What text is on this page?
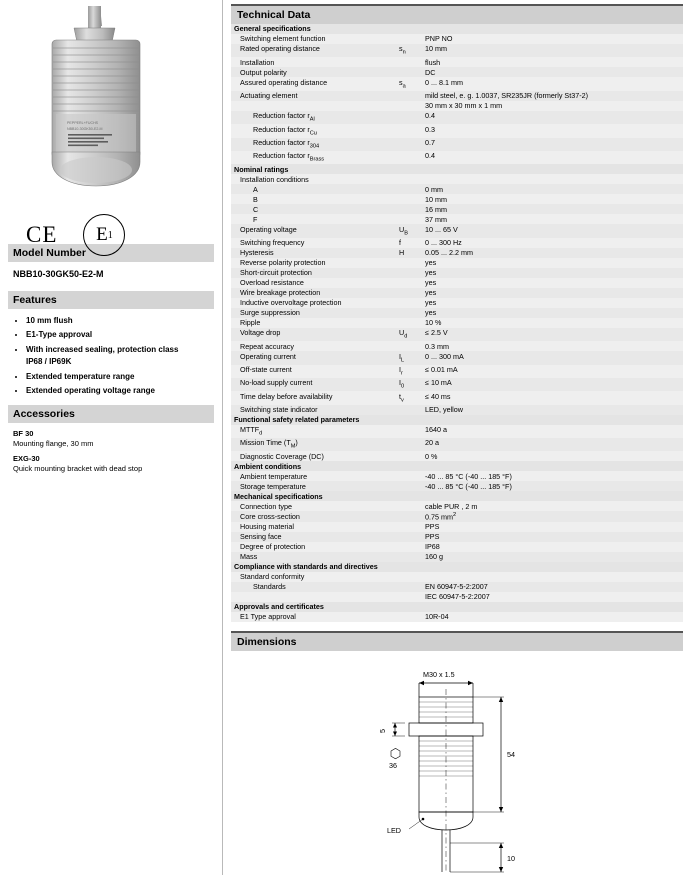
PEPPERL+FUCHS
NBB10-30GK50-E2-M
CE E 1
Model Number
NBB10-30GK50-E2-M
Features
• 10 mm flush
• E1-Type approval
• With increased sealing, protection class
IP68 / IP69K
• Extended temperature range
• Extended operating voltage range
Accessories
BF 30
Mounting flange, 30 mm
EXG-30
Quick mounting bracket with dead stop
Technical Data
General specifications		
Switching element function		PNP NO
Rated operating distance	$s_n$	10 mm
Installation		flush
Output polarity		DC
Assured operating distance	$s_a$	0 ... 8.1 mm
Actuating element		mild steel, e. g. 1.0037, SR235JR (formerly St37-2)
		30 mm x 30 mm x 1 mm
Reduction factor $r_{Al}$		0.4
Reduction factor $r_{Cu}$		0.3
Reduction factor $r_{304}$		0.7
Reduction factor $r_{Brass}$		0.4
Nominal ratings		
Installation conditions		
A		0 mm
B		10 mm
C		16 mm
F		37 mm
Operating voltage	$U_B$	10 ... 65 V
Switching frequency	f	0 ... 300 Hz
Hysteresis	H	0.05 ... 2.2 mm
Reverse polarity protection		yes
Short-circuit protection		yes
Overload resistance		yes
Wire breakage protection		yes
Inductive overvoltage protection		yes
Surge suppression		yes
Ripple		10 %
Voltage drop	$U_d$	≤ 2.5 V
Repeat accuracy		0.3 mm
Operating current	$I_L$	0 ... 300 mA
Off-state current	$I_r$	≤ 0.01 mA
No-load supply current	$I_0$	≤ 10 mA
Time delay before availability	$t_v$	≤ 40 ms
Switching state indicator		LED, yellow
Functional safety related parameters		
$MTTF_d$		1640 a
Mission Time $(T_M)$		20 a
Diagnostic Coverage (DC)		0 %
Ambient conditions		
Ambient temperature		-40 ... 85 °C (-40 ... 185 °F)
Storage temperature		-40 ... 85 °C (-40 ... 185 °F)
Mechanical specifications		
Connection type		cable PUR , 2 m
Core cross-section		0.75 $mm^2$
Housing material		PPS
Sensing face		PPS
Degree of protection		IP68
Mass		160 g
Compliance with standards and directives		
Standard conformity		
Standards		EN 60947-5-2:2007
		IEC 60947-5-2:2007
Approvals and certificates		
E1 Type approval		10R-04
Dimensions
M30 x 1.5
54
10
5
36
LED
